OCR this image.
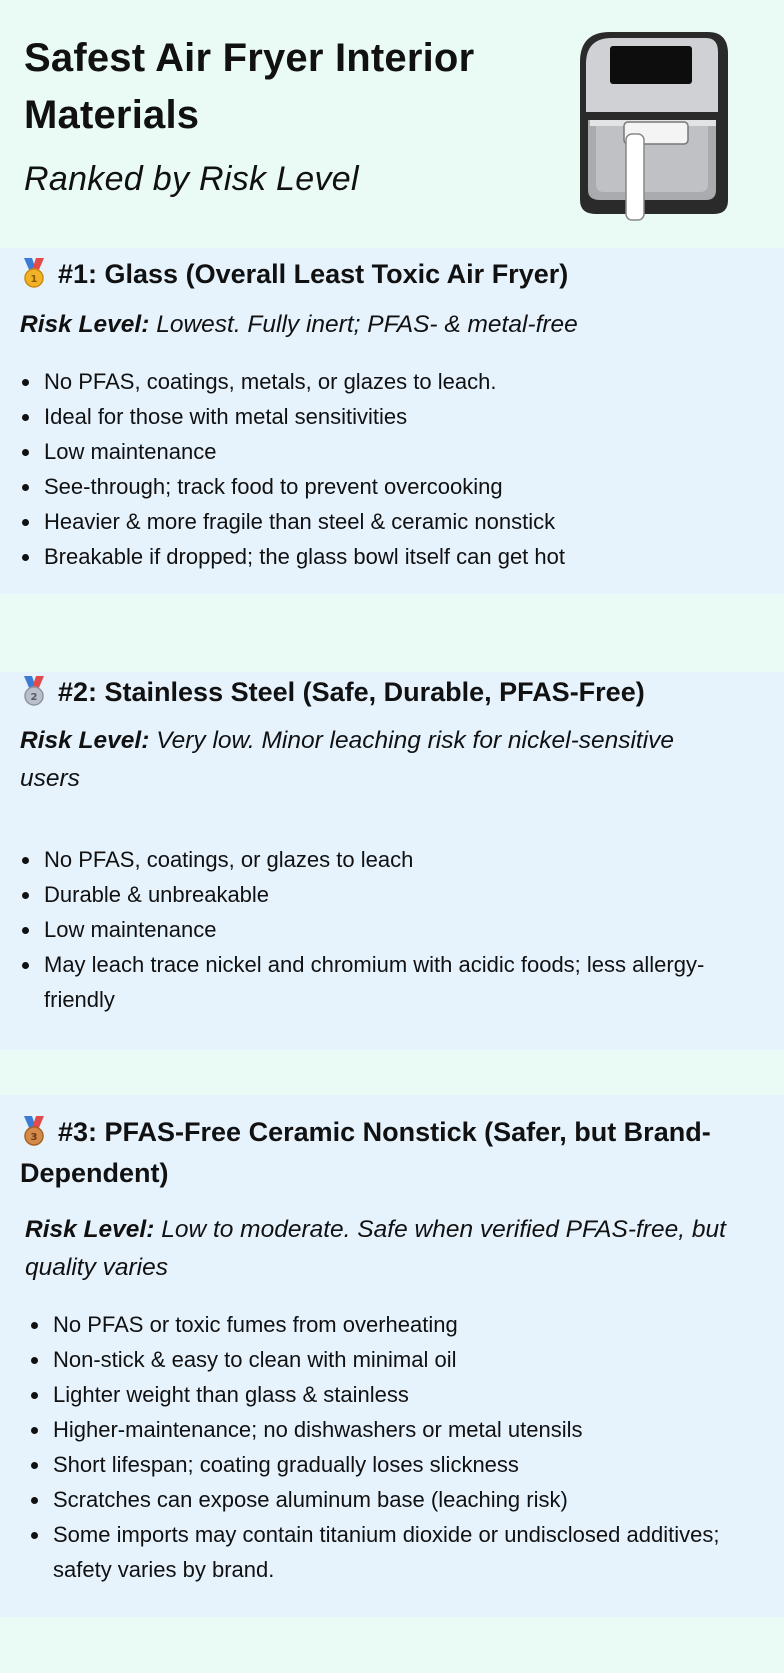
Safest Air Fryer Interior Materials
Ranked by Risk Level
1 #1: Glass (Overall Least Toxic Air Fryer)

Risk Level: Lowest. Fully inert; PFAS- & metal-free

No PFAS, coatings, metals, or glazes to leach.
Ideal for those with metal sensitivities
Low maintenance
See-through; track food to prevent overcooking
Heavier & more fragile than steel & ceramic nonstick
Breakable if dropped; the glass bowl itself can get hot
2 #2: Stainless Steel (Safe, Durable, PFAS-Free)

Risk Level: Very low. Minor leaching risk for nickel-sensitive users

No PFAS, coatings, or glazes to leach
Durable & unbreakable
Low maintenance
May leach trace nickel and chromium with acidic foods; less allergy-friendly
3 #3: PFAS-Free Ceramic Nonstick (Safer, but Brand-Dependent)

Risk Level: Low to moderate. Safe when verified PFAS-free, but quality varies

No PFAS or toxic fumes from overheating
Non-stick & easy to clean with minimal oil
Lighter weight than glass & stainless
Higher-maintenance; no dishwashers or metal utensils
Short lifespan; coating gradually loses slickness
Scratches can expose aluminum base (leaching risk)
Some imports may contain titanium dioxide or undisclosed additives; safety varies by brand.
